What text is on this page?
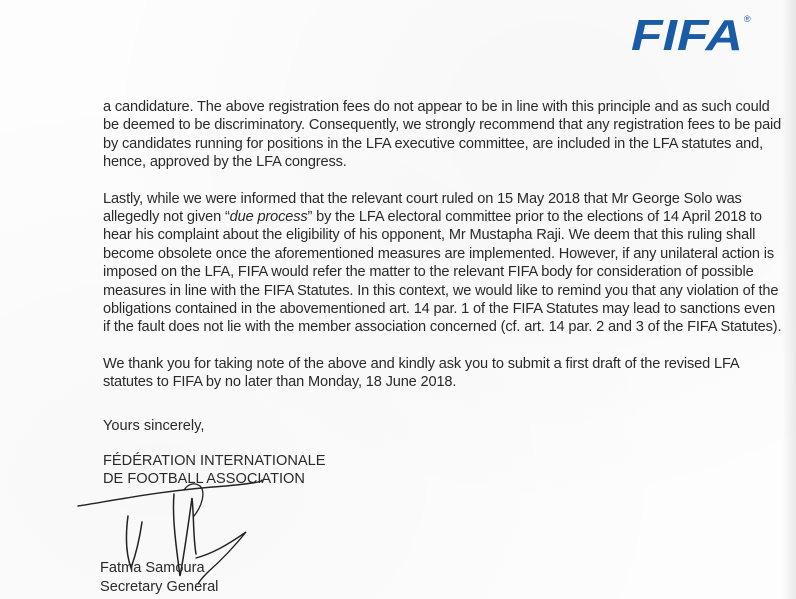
FIFA ®

a candidature. The above registration fees do not appear to be in line with this principle and as such could be deemed to be discriminatory. Consequently, we strongly recommend that any registration fees to be paid by candidates running for positions in the LFA executive committee, are included in the LFA statutes and, hence, approved by the LFA congress.

Lastly, while we were informed that the relevant court ruled on 15 May 2018 that Mr George Solo was allegedly not given “due process” by the LFA electoral committee prior to the elections of 14 April 2018 to hear his complaint about the eligibility of his opponent, Mr Mustapha Raji. We deem that this ruling shall become obsolete once the aforementioned measures are implemented. However, if any unilateral action is imposed on the LFA, FIFA would refer the matter to the relevant FIFA body for consideration of possible measures in line with the FIFA Statutes. In this context, we would like to remind you that any violation of the obligations contained in the abovementioned art. 14 par. 1 of the FIFA Statutes may lead to sanctions even if the fault does not lie with the member association concerned (cf. art. 14 par. 2 and 3 of the FIFA Statutes).

We thank you for taking note of the above and kindly ask you to submit a first draft of the revised LFA statutes to FIFA by no later than Monday, 18 June 2018.

Yours sincerely,
FÉDÉRATION INTERNATIONALE
DE FOOTBALL ASSOCIATION
Fatma Samoura
Secretary General
